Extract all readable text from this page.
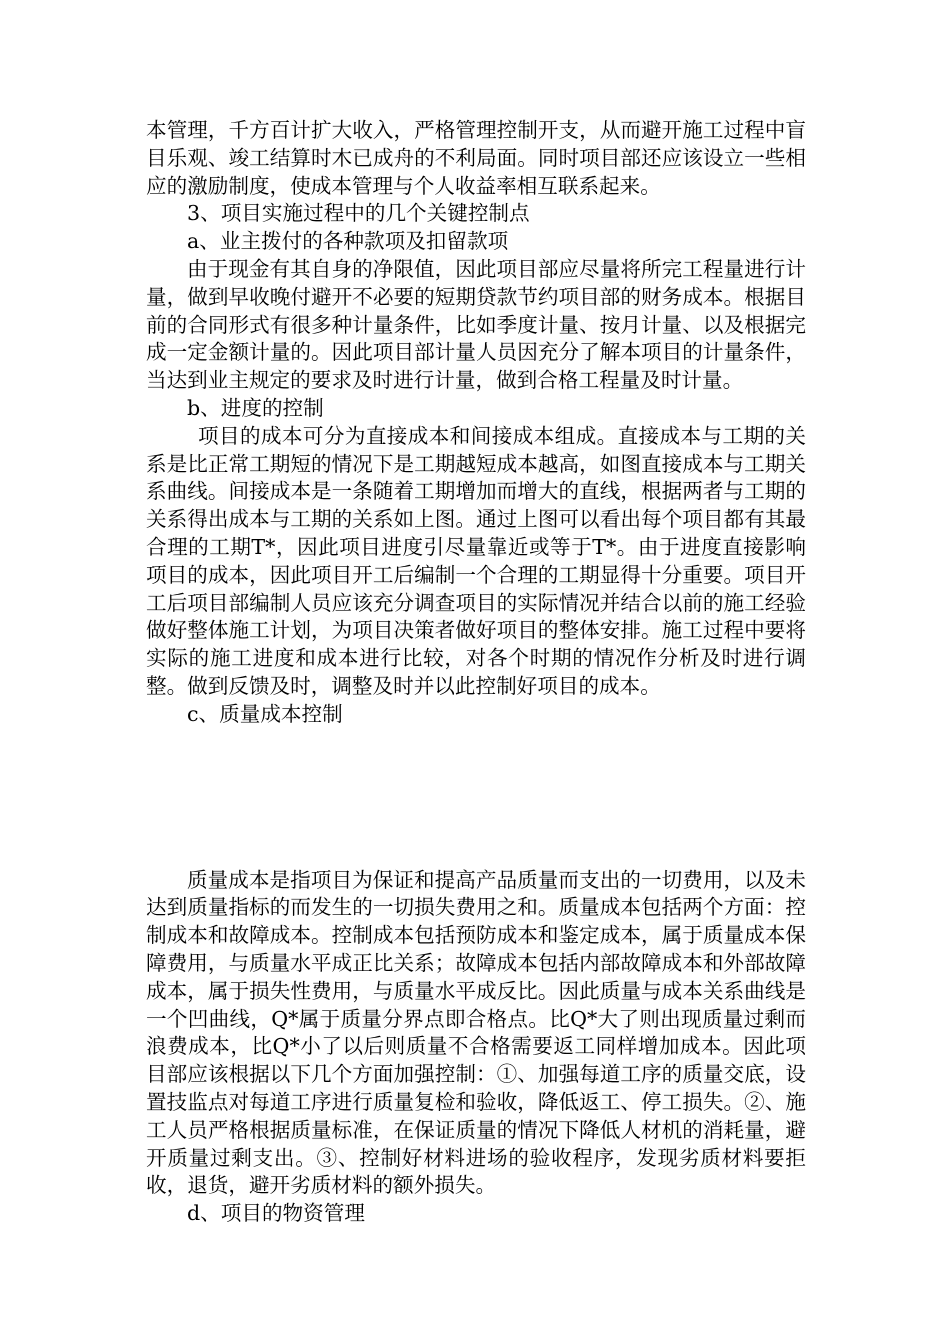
本管理，千方百计扩大收入，严格管理控制开支，从而避开施工过程中盲目乐观、竣工结算时木已成舟的不利局面。同时项目部还应该设立一些相应的激励制度，使成本管理与个人收益率相互联系起来。

3、项目实施过程中的几个关键控制点

a、业主拨付的各种款项及扣留款项

由于现金有其自身的净限值，因此项目部应尽量将所完工程量进行计量，做到早收晚付避开不必要的短期贷款节约项目部的财务成本。根据目前的合同形式有很多种计量条件，比如季度计量、按月计量、以及根据完成一定金额计量的。因此项目部计量人员因充分了解本项目的计量条件，当达到业主规定的要求及时进行计量，做到合格工程量及时计量。

b、进度的控制

项目的成本可分为直接成本和间接成本组成。直接成本与工期的关系是比正常工期短的情况下是工期越短成本越高，如图直接成本与工期关系曲线。间接成本是一条随着工期增加而增大的直线，根据两者与工期的关系得出成本与工期的关系如上图。通过上图可以看出每个项目都有其最合理的工期T*，因此项目进度引尽量靠近或等于T*。由于进度直接影响项目的成本，因此项目开工后编制一个合理的工期显得十分重要。项目开工后项目部编制人员应该充分调查项目的实际情况并结合以前的施工经验做好整体施工计划，为项目决策者做好项目的整体安排。施工过程中要将实际的施工进度和成本进行比较，对各个时期的情况作分析及时进行调整。做到反馈及时，调整及时并以此控制好项目的成本。

c、质量成本控制

质量成本是指项目为保证和提高产品质量而支出的一切费用，以及未达到质量指标的而发生的一切损失费用之和。质量成本包括两个方面：控制成本和故障成本。控制成本包括预防成本和鉴定成本，属于质量成本保障费用，与质量水平成正比关系；故障成本包括内部故障成本和外部故障成本，属于损失性费用，与质量水平成反比。因此质量与成本关系曲线是一个凹曲线，Q*属于质量分界点即合格点。比Q*大了则出现质量过剩而浪费成本，比Q*小了以后则质量不合格需要返工同样增加成本。因此项目部应该根据以下几个方面加强控制：①、加强每道工序的质量交底，设置技监点对每道工序进行质量复检和验收，降低返工、停工损失。②、施工人员严格根据质量标准，在保证质量的情况下降低人材机的消耗量，避开质量过剩支出。③、控制好材料进场的验收程序，发现劣质材料要拒收，退货，避开劣质材料的额外损失。

d、项目的物资管理
